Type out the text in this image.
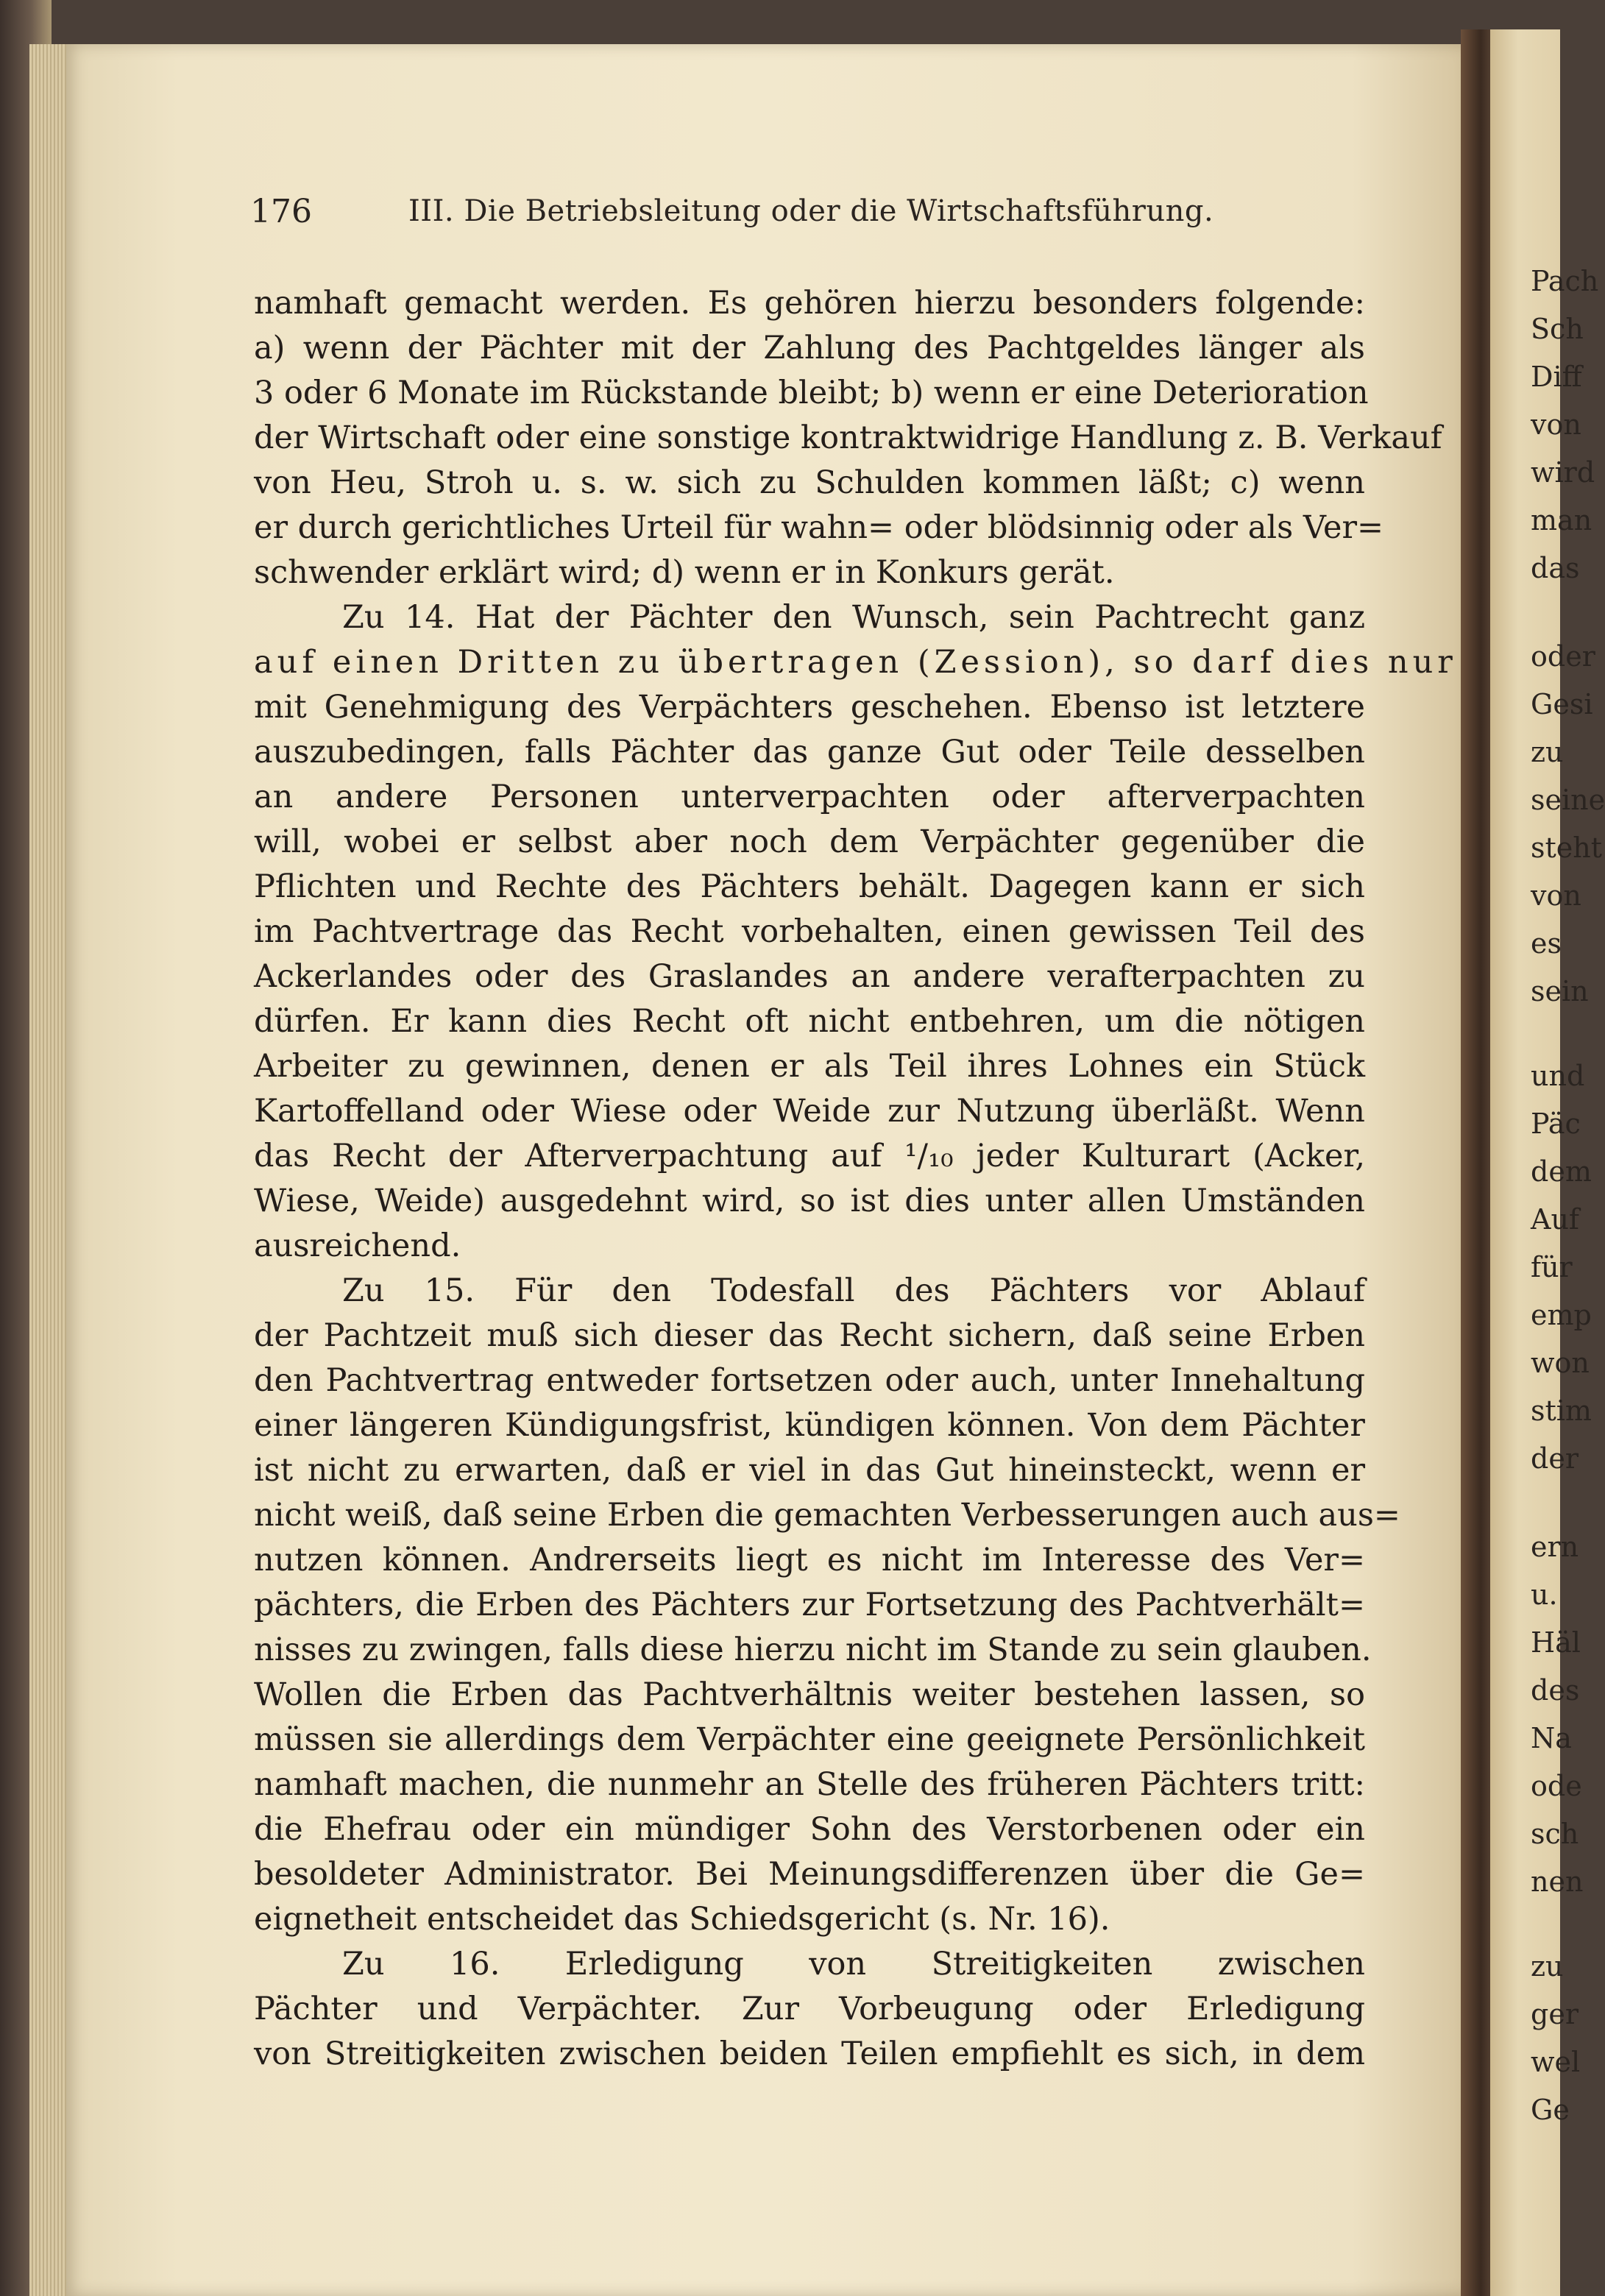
176	III. Die Betriebsleitung oder die Wirtschaftsführung.
namhaft gemacht werden. Es gehören hierzu besonders folgende:
a) wenn der Pächter mit der Zahlung des Pachtgeldes länger als
3 oder 6 Monate im Rückstande bleibt; b) wenn er eine Deterioration
der Wirtschaft oder eine sonstige kontraktwidrige Handlung z. B. Verkauf
von Heu, Stroh u. s. w. sich zu Schulden kommen läßt; c) wenn
er durch gerichtliches Urteil für wahn= oder blödsinnig oder als Ver=
schwender erklärt wird; d) wenn er in Konkurs gerät.
Zu 14. Hat der Pächter den Wunsch, sein Pachtrecht ganz
auf einen Dritten zu übertragen (Zession), so darf dies nur
mit Genehmigung des Verpächters geschehen. Ebenso ist letztere
auszubedingen, falls Pächter das ganze Gut oder Teile desselben
an andere Personen unterverpachten oder afterverpachten
will, wobei er selbst aber noch dem Verpächter gegenüber die
Pflichten und Rechte des Pächters behält. Dagegen kann er sich
im Pachtvertrage das Recht vorbehalten, einen gewissen Teil des
Ackerlandes oder des Graslandes an andere verafterpachten zu
dürfen. Er kann dies Recht oft nicht entbehren, um die nötigen
Arbeiter zu gewinnen, denen er als Teil ihres Lohnes ein Stück
Kartoffelland oder Wiese oder Weide zur Nutzung überläßt. Wenn
das Recht der Afterverpachtung auf ¹/₁₀ jeder Kulturart (Acker,
Wiese, Weide) ausgedehnt wird, so ist dies unter allen Umständen
ausreichend.
Zu 15. Für den Todesfall des Pächters vor Ablauf
der Pachtzeit muß sich dieser das Recht sichern, daß seine Erben
den Pachtvertrag entweder fortsetzen oder auch, unter Innehaltung
einer längeren Kündigungsfrist, kündigen können. Von dem Pächter
ist nicht zu erwarten, daß er viel in das Gut hineinsteckt, wenn er
nicht weiß, daß seine Erben die gemachten Verbesserungen auch aus=
nutzen können. Andrerseits liegt es nicht im Interesse des Ver=
pächters, die Erben des Pächters zur Fortsetzung des Pachtverhält=
nisses zu zwingen, falls diese hierzu nicht im Stande zu sein glauben.
Wollen die Erben das Pachtverhältnis weiter bestehen lassen, so
müssen sie allerdings dem Verpächter eine geeignete Persönlichkeit
namhaft machen, die nunmehr an Stelle des früheren Pächters tritt:
die Ehefrau oder ein mündiger Sohn des Verstorbenen oder ein
besoldeter Administrator. Bei Meinungsdifferenzen über die Ge=
eignetheit entscheidet das Schiedsgericht (s. Nr. 16).
Zu 16. Erledigung von Streitigkeiten zwischen
Pächter und Verpächter. Zur Vorbeugung oder Erledigung
von Streitigkeiten zwischen beiden Teilen empfiehlt es sich, in dem
Pach
Sch
Diff
von
wird
man
das
oder
Gesi
zu
seine
steht
von
es
sein
und
Päc
dem
Auf
für
emp
won
stim
der
ern
u.
Häl
des
Na
ode
sch
nen
zu
ger
wel
Ge
